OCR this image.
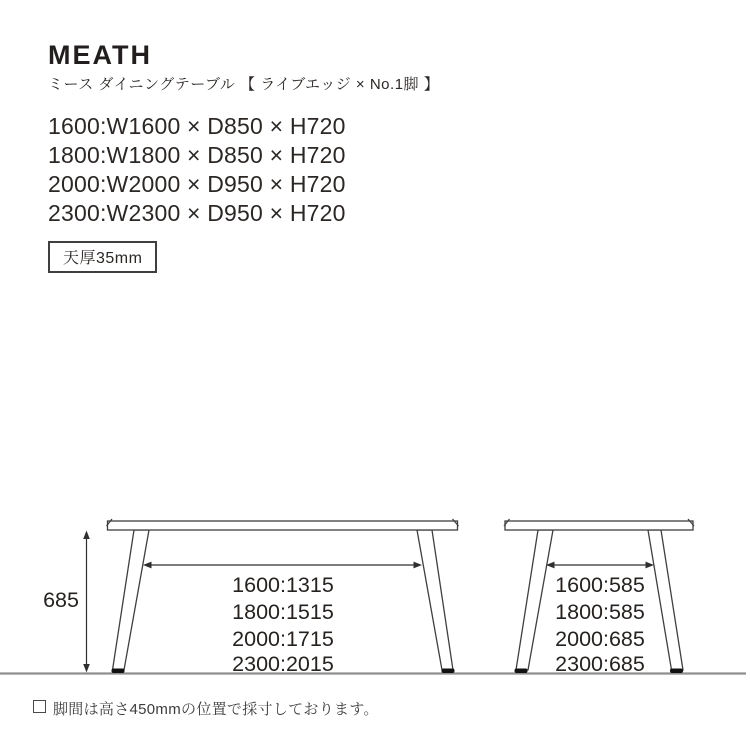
MEATH

ミース ダイニングテーブル 【 ライブエッジ × No.1脚 】

1600:W1600 × D850 × H720
1800:W1800 × D850 × H720
2000:W2000 × D950 × H720
2300:W2300 × D950 × H720
天厚35mm
685
1600:1315
1800:1515
2000:1715
2300:2015
1600:585
1800:585
2000:685
2300:685
脚間は高さ450mmの位置で採寸しております。
